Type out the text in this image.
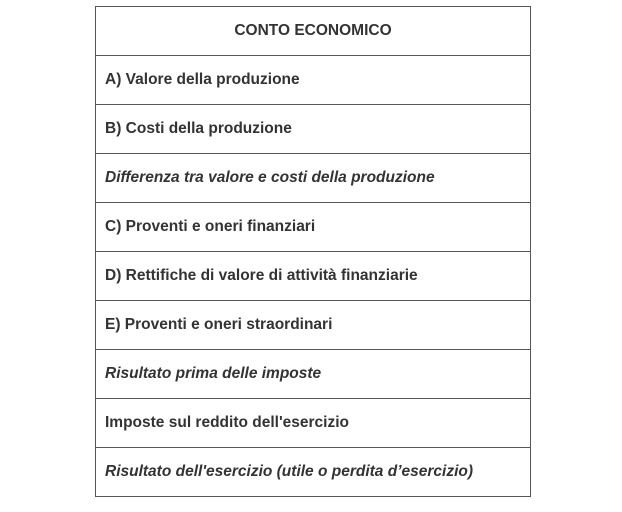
CONTO ECONOMICO
A) Valore della produzione
B) Costi della produzione
Differenza tra valore e costi della produzione
C) Proventi e oneri finanziari
D) Rettifiche di valore di attività finanziarie
E) Proventi e oneri straordinari
Risultato prima delle imposte
Imposte sul reddito dell'esercizio
Risultato dell'esercizio (utile o perdita d’esercizio)
